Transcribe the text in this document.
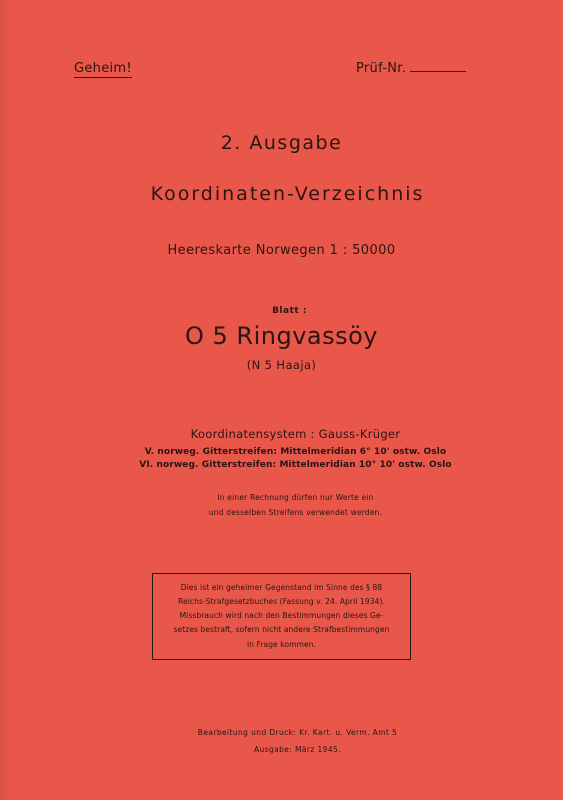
Geheim!	Prüf-Nr.
2. Ausgabe
Koordinaten-Verzeichnis
Heereskarte Norwegen 1 : 50000
Blatt :
O 5 Ringvassöy
(N 5 Haaja)
Koordinatensystem : Gauss-Krüger
V. norweg. Gitterstreifen: Mittelmeridian 6° 10' ostw. Oslo
VI. norweg. Gitterstreifen: Mittelmeridian 10° 10' ostw. Oslo
In einer Rechnung dürfen nur Werte ein
und desselben Streifens verwendet werden.
Dies ist ein geheimer Gegenstand im Sinne des § 88
Reichs-Strafgesetzbuches (Fassung v. 24. April 1934).
Missbrauch wird nach den Bestimmungen dieses Ge-
setzes bestraft, sofern nicht andere Strafbestimmungen
in Frage kommen.
Bearbeitung und Druck: Kr. Kart. u. Verm. Amt 5
Ausgabe: März 1945.
